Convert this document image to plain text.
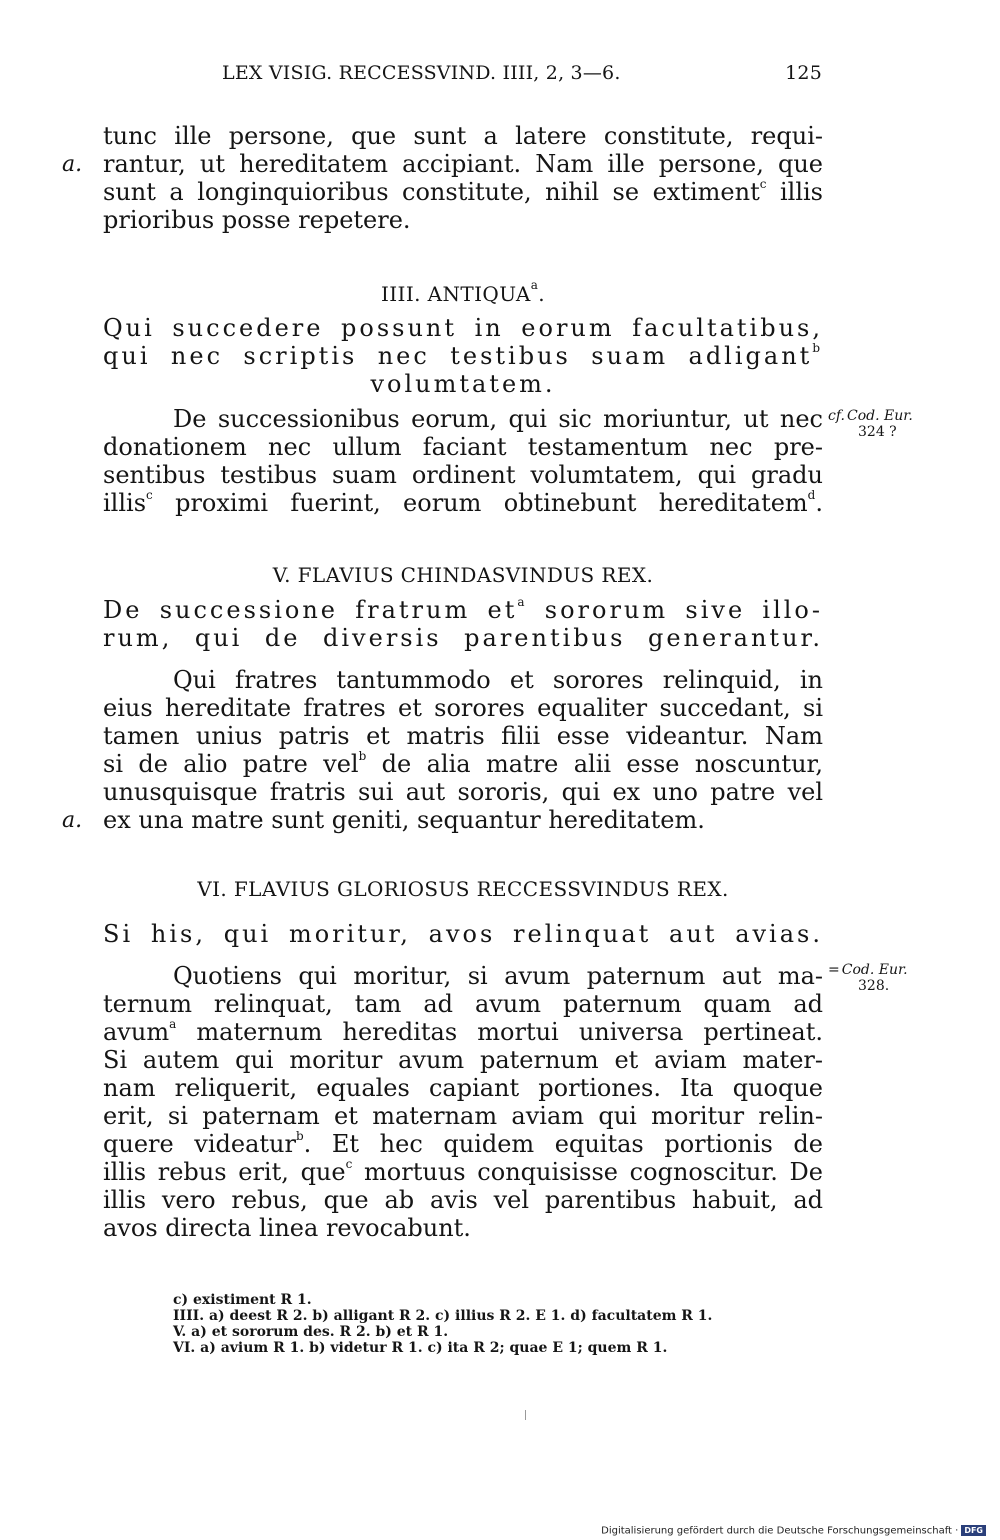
LEX VISIG. RECCESSVIND. IIII, 2, 3—6.	125
tunc ille persone, que sunt a latere constitute, requi-
rantur, ut hereditatem accipiant. Nam ille persone, que
sunt a longinquioribus constitute, nihil se extiment$^c$ illis
prioribus posse repetere.
a.
IIII. ANTIQUA$^a$.
Qui succedere possunt in eorum facultatibus,
qui nec scriptis nec testibus suam adligant$^b$
volumtatem.
De successionibus eorum, qui sic moriuntur, ut nec
donationem nec ullum faciant testamentum nec pre-
sentibus testibus suam ordinent volumtatem, qui gradu
illis$^c$ proximi fuerint, eorum obtinebunt hereditatem$^d$.
cf. Cod. Eur.
324 ?
V. FLAVIUS CHINDASVINDUS REX.
De successione fratrum $et^a$ sororum sive illo-
rum, qui de diversis parentibus generantur.
Qui fratres tantummodo et sorores relinquid, in
eius hereditate fratres et sorores equaliter succedant, si
tamen unius patris et matris filii esse videantur. Nam
si de alio patre vel$^b$ de alia matre alii esse noscuntur,
unusquisque fratris sui aut sororis, qui ex uno patre vel
ex una matre sunt geniti, sequantur hereditatem.
a.
VI. FLAVIUS GLORIOSUS RECCESSVINDUS REX.
Si his, qui moritur, avos relinquat aut avias.
Quotiens qui moritur, si avum paternum aut ma-
ternum relinquat, tam ad avum paternum quam ad
avum$^a$ maternum hereditas mortui universa pertineat.
Si autem qui moritur avum paternum et aviam mater-
nam reliquerit, equales capiant portiones. Ita quoque
erit, si paternam et maternam aviam qui moritur relin-
quere videatur$^b$. Et hec quidem equitas portionis de
illis rebus erit, que$^c$ mortuus conquisisse cognoscitur. De
illis vero rebus, que ab avis vel parentibus habuit, ad
avos directa linea revocabunt.
= Cod. Eur.
328.
c) existiment R 1.
IIII. a) deest R 2. b) alligant R 2. c) illius R 2. E 1. d) facultatem R 1.
V. a) et sororum des. R 2. b) et R 1.
VI. a) avium R 1. b) videtur R 1. c) ita R 2; quae E 1; quem R 1.
Digitalisierung gefördert durch die Deutsche Forschungsgemeinschaft · DFG
